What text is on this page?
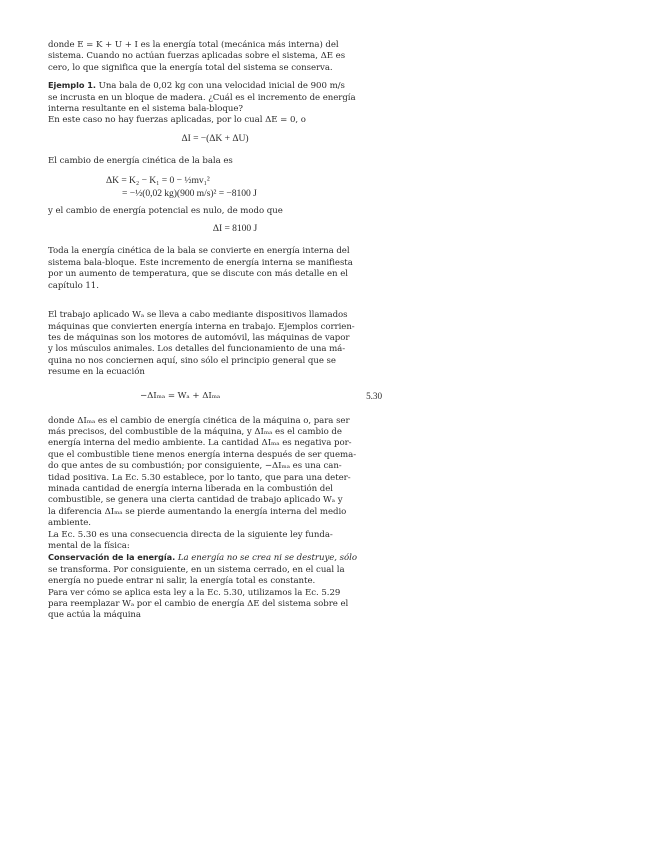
donde E = K + U + I es la energía total (mecánica más interna) del

sistema. Cuando no actúan fuerzas aplicadas sobre el sistema, ΔE es

cero, lo que significa que la energía total del sistema se conserva.

Ejemplo 1. Una bala de 0,02 kg con una velocidad inicial de 900 m/s

se incrusta en un bloque de madera. ¿Cuál es el incremento de energía

interna resultante en el sistema bala-bloque?

En este caso no hay fuerzas aplicadas, por lo cual ΔE = 0, o

ΔI = −(ΔK + ΔU)

El cambio de energía cinética de la bala es

ΔK = K₂ − K₁ = 0 − ½mv₁²
= −½(0,02 kg)(900 m/s)² = −8100 J

y el cambio de energía potencial es nulo, de modo que

ΔI = 8100 J

Toda la energía cinética de la bala se convierte en energía interna del

sistema bala-bloque. Este incremento de energía interna se manifiesta

por un aumento de temperatura, que se discute con más detalle en el

capítulo 11.

El trabajo aplicado Wₐ se lleva a cabo mediante dispositivos llamados

máquinas que convierten energía interna en trabajo. Ejemplos corrien-

tes de máquinas son los motores de automóvil, las máquinas de vapor

y los músculos animales. Los detalles del funcionamiento de una má-

quina no nos conciernen aquí, sino sólo el principio general que se

resume en la ecuación

−ΔIₘₐ = Wₐ + ΔIₘₐ	5.30

donde ΔIₘₐ es el cambio de energía cinética de la máquina o, para ser

más precisos, del combustible de la máquina, y ΔIₘₐ es el cambio de

energía interna del medio ambiente. La cantidad ΔIₘₐ es negativa por-

que el combustible tiene menos energía interna después de ser quema-

do que antes de su combustión; por consiguiente, −ΔIₘₐ es una can-

tidad positiva. La Ec. 5.30 establece, por lo tanto, que para una deter-

minada cantidad de energía interna liberada en la combustión del

combustible, se genera una cierta cantidad de trabajo aplicado Wₐ y

la diferencia ΔIₘₐ se pierde aumentando la energía interna del medio

ambiente.

La Ec. 5.30 es una consecuencia directa de la siguiente ley funda-

mental de la física:

Conservación de la energía. La energía no se crea ni se destruye, sólo

se transforma. Por consiguiente, en un sistema cerrado, en el cual la

energía no puede entrar ni salir, la energía total es constante.

Para ver cómo se aplica esta ley a la Ec. 5.30, utilizamos la Ec. 5.29

para reemplazar Wₐ por el cambio de energía ΔE del sistema sobre el

que actúa la máquina
